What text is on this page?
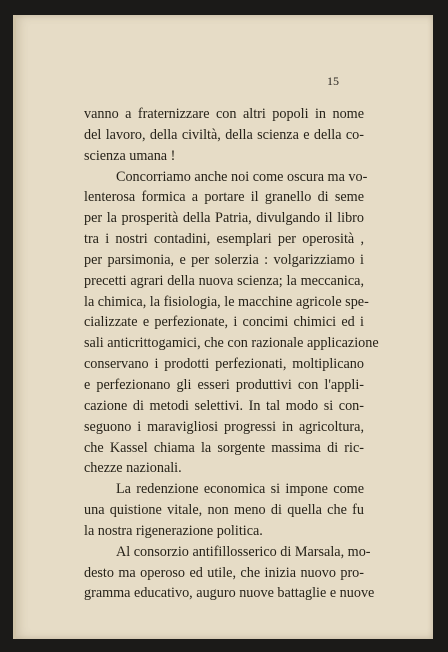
15
vanno a fraternizzare con altri popoli in nome
del lavoro, della civiltà, della scienza e della co-
scienza umana !
Concorriamo anche noi come oscura ma vo-
lenterosa formica a portare il granello di seme
per la prosperità della Patria, divulgando il libro
tra i nostri contadini, esemplari per operosità ,
per parsimonia, e per solerzia : volgarizziamo i
precetti agrari della nuova scienza; la meccanica,
la chimica, la fisiologia, le macchine agricole spe-
cializzate e perfezionate, i concimi chimici ed i
sali anticrittogamici, che con razionale applicazione
conservano i prodotti perfezionati, moltiplicano
e perfezionano gli esseri produttivi con l'appli-
cazione di metodi selettivi. In tal modo si con-
seguono i maravigliosi progressi in agricoltura,
che Kassel chiama la sorgente massima di ric-
chezze nazionali.
La redenzione economica si impone come
una quistione vitale, non meno di quella che fu
la nostra rigenerazione politica.
Al consorzio antifillosserico di Marsala, mo-
desto ma operoso ed utile, che inizia nuovo pro-
gramma educativo, auguro nuove battaglie e nuove
